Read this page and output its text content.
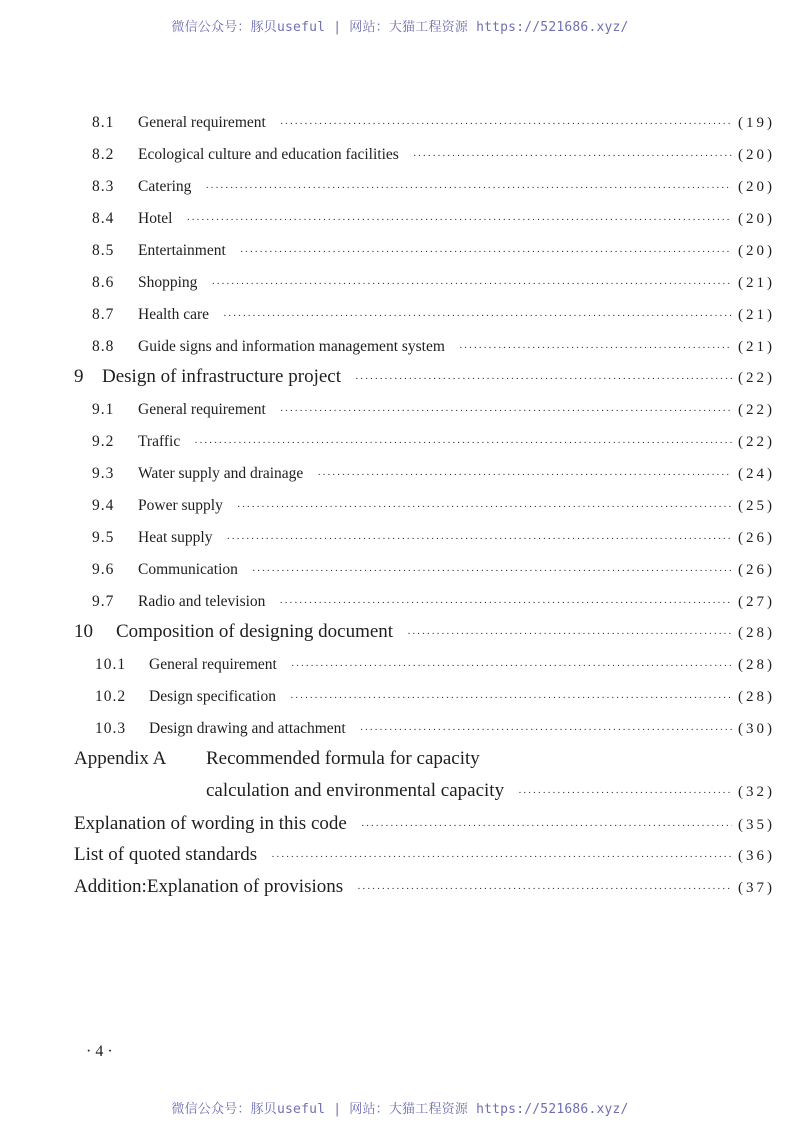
微信公众号：豚贝useful | 网站：大猫工程资源 https://521686.xyz/
8.1	General requirement ·····	(19)
8.2	Ecological culture and education facilities ·····	(20)
8.3	Catering ·····	(20)
8.4	Hotel ·····	(20)
8.5	Entertainment ·····	(20)
8.6	Shopping ·····	(21)
8.7	Health care ·····	(21)
8.8	Guide signs and information management system ·····	(21)
9 Design of infrastructure project ·····	(22)
9.1	General requirement ·····	(22)
9.2	Traffic ·····	(22)
9.3	Water supply and drainage ·····	(24)
9.4	Power supply ·····	(25)
9.5	Heat supply ·····	(26)
9.6	Communication ·····	(26)
9.7	Radio and television ·····	(27)
10	Composition of designing document ·····	(28)
10.1	General requirement ·····	(28)
10.2	Design specification ·····	(28)
10.3	Design drawing and attachment ·····	(30)
Appendix A	Recommended formula for capacity
calculation and environmental capacity ·····	(32)
Explanation of wording in this code ·····	(35)
List of quoted standards ·····	(36)
Addition:Explanation of provisions ·····	(37)
·4·
微信公众号：豚贝useful | 网站：大猫工程资源 https://521686.xyz/
